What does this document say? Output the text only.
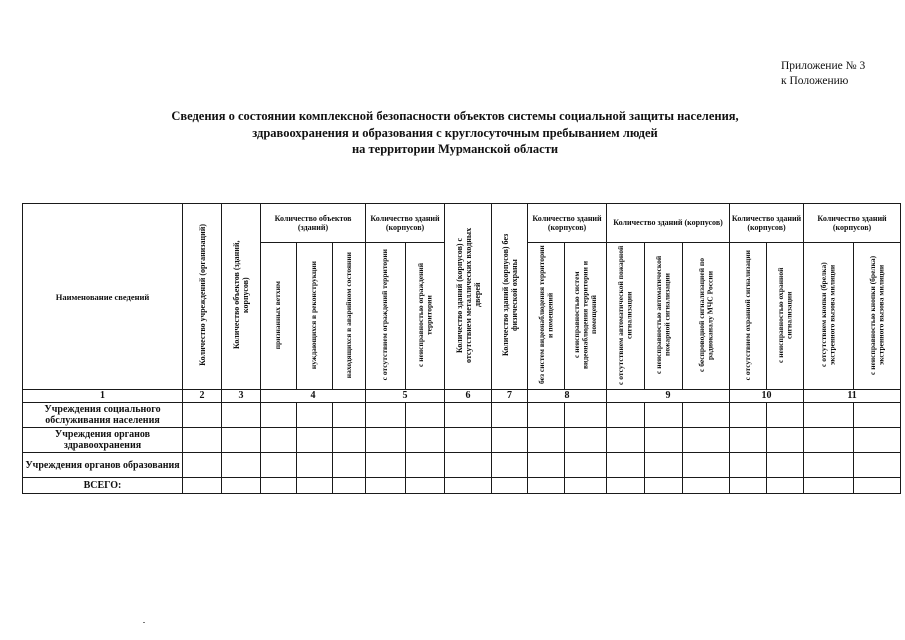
Приложение № 3
к Положению
Сведения о состоянии комплексной безопасности объектов системы социальной защиты населения,
здравоохранения и образования с круглосуточным пребыванием людей
на территории Мурманской области
Наименование сведений	Количество учреждений (организаций)	Количество объектов (зданий, корпусов)	Количество объектов (зданий)			Количество зданий (корпусов)		Количество зданий (корпусов) с отсутствием металлических входных дверей	Количество зданий (корпусов) без физической охраны	Количество зданий (корпусов)		Количество зданий (корпусов)			Количество зданий (корпусов)		Количество зданий (корпусов)	
			признанных ветхим	нуждающихся в реконструкции	находящихся в аварийном состоянии	с отсутствием ограждений территории	с неисправностью ограждений территории			без систем видеонаблюдения территории и помещений	с неисправностью систем видеонаблюдения территории и помещений	с отсутствием автоматической пожарной сигнализации	с неисправностью автоматической пожарной сигнализации	с беспроводной сигнализацией по радиоканалу МЧС России	с отсутствием охранной сигнализации	с неисправностью охранной сигнализации	с отсутствием кнопки (брелка) экстренного вызова милиции	с неисправностью кнопки (брелка) экстренного вызова милиции
1	2	3	4			5		6	7	8		9			10		11	
Учреждения социального обслуживания населения																		
Учреждения органов здравоохранения																		
Учреждения органов образования																		
ВСЕГО:																		
